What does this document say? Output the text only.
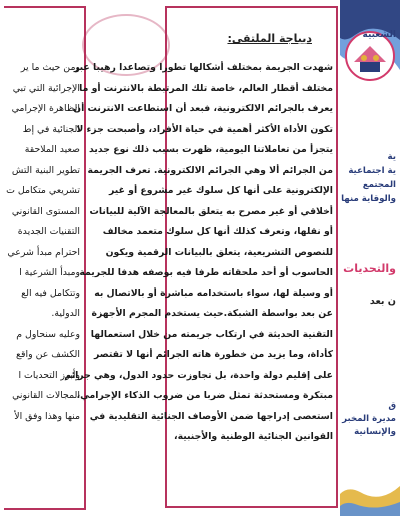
ومن حيث ما ير
الإجرائية التي تبي
الظاهرة الإجرامي
الجنائية في إط
صعيد الملاحقة
تطوير البنية التش
تشريعي متكامل ت
المستوى القانوني
التقنيات الجديدة
احترام مبدأ شرعي
ومبدأ الشرعية ا
وتتكامل فيه الع
الدولية.
وعليه سنحاول م
الكشف عن واقع
وأبرز التحديات ا
المجالات القانوني
منها وهذا وفق الأ
ديباجة الملتقى:
شهدت الجريمة بمختلف أشكالها تطورا وتصاعدا رهيبا عبر
مختلف أقطار العالم، خاصة تلك المرتبطة بالانترنت أو ما
يعرف بالجرائم الالكترونية، فبعد أن استطاعت الانترنت أن
تكون الأداة الأكثر أهمية في حياة الأفراد، وأصبحت جزء لا
يتجزأ من تعاملاتنا اليومية، ظهرت بسبب ذلك نوع جديد
من الجرائم ألا وهي الجرائم الالكترونية. تعرف الجريمة
الإلكترونية على أنها كل سلوك غير مشروع أو غير
أخلاقي أو غير مصرح به يتعلق بالمعالجة الآلية للبيانات
أو نقلها، وتعرف كذلك أنها كل سلوك متعمد مخالف
للنصوص التشريعية، يتعلق بالبيانات الرقمية ويكون
الحاسوب أو أحد ملحقاته طرفا فيه بوصفه هدفا للجريمة
أو وسيلة لها، سواء باستخدامه مباشرة أو بالاتصال به
عن بعد بواسطة الشبكة.حيث يستخدم المجرم الأجهزة
التقنية الحديثة في ارتكاب جريمته من خلال استعمالها
كأداة، وما يزيد من خطورة هاته الجرائم أنها لا تقتصر
على إقليم دولة واحدة، بل تجاوزت حدود الدول، وهي جرائم
مبتكرة ومستحدثة تمثل ضربا من ضروب الذكاء الإجرامي،
استعصى إدراجها ضمن الأوصاف الجنائية التقليدية في
القوانين الجنائية الوطنية والأجنبية،
الشعبية
ية
ية اجتماعية
المجتمع
والوقاية منها
والتحديات
ن بعد
ق
مديرة المخبر
والإنسانية
